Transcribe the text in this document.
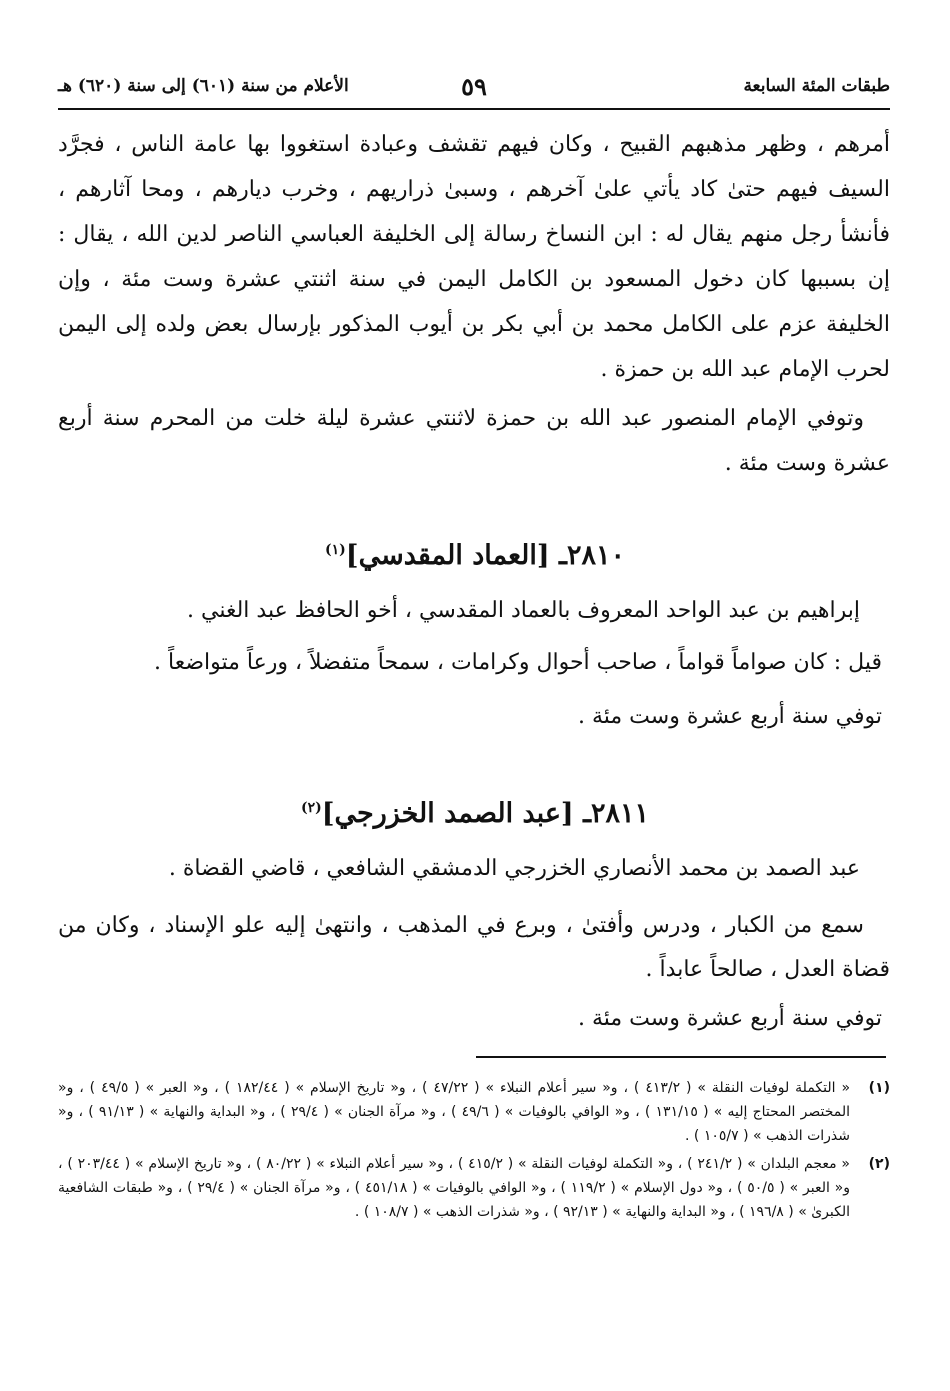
طبقات المئة السابعة
٥٩
الأعلام من سنة (٦٠١) إلى سنة (٦٢٠) هـ
أمرهم ، وظهر مذهبهم القبيح ، وكان فيهم تقشف وعبادة استغووا بها عامة الناس ، فجرَّد السيف فيهم حتىٰ كاد يأتي علىٰ آخرهم ، وسبىٰ ذراريهم ، وخرب ديارهم ، ومحا آثارهم ، فأنشأ رجل منهم يقال له : ابن النساخ رسالة إلى الخليفة العباسي الناصر لدين الله ، يقال : إن بسببها كان دخول المسعود بن الكامل اليمن في سنة اثنتي عشرة وست مئة ، وإن الخليفة عزم على الكامل محمد بن أبي بكر بن أيوب المذكور بإرسال بعض ولده إلى اليمن لحرب الإمام عبد الله بن حمزة .
وتوفي الإمام المنصور عبد الله بن حمزة لاثنتي عشرة ليلة خلت من المحرم سنة أربع عشرة وست مئة .
٢٨١٠ـ [العماد المقدسي]$^{(١)}$
إبراهيم بن عبد الواحد المعروف بالعماد المقدسي ، أخو الحافظ عبد الغني .
قيل : كان صواماً قواماً ، صاحب أحوال وكرامات ، سمحاً متفضلاً ، ورعاً متواضعاً .
توفي سنة أربع عشرة وست مئة .
٢٨١١ـ [عبد الصمد الخزرجي]$^{(٢)}$
عبد الصمد بن محمد الأنصاري الخزرجي الدمشقي الشافعي ، قاضي القضاة .
سمع من الكبار ، ودرس وأفتىٰ ، وبرع في المذهب ، وانتهىٰ إليه علو الإسناد ، وكان من قضاة العدل ، صالحاً عابداً .
توفي سنة أربع عشرة وست مئة .
(١)
« التكملة لوفيات النقلة » ( ٤١٣/٢ ) ، و« سير أعلام النبلاء » ( ٤٧/٢٢ ) ، و« تاريخ الإسلام » ( ١٨٢/٤٤ ) ، و« العبر » ( ٤٩/٥ ) ، و« المختصر المحتاج إليه » ( ١٣١/١٥ ) ، و« الوافي بالوفيات » ( ٤٩/٦ ) ، و« مرآة الجنان » ( ٢٩/٤ ) ، و« البداية والنهاية » ( ٩١/١٣ ) ، و« شذرات الذهب » ( ١٠٥/٧ ) .
(٢)
« معجم البلدان » ( ٢٤١/٢ ) ، و« التكملة لوفيات النقلة » ( ٤١٥/٢ ) ، و« سير أعلام النبلاء » ( ٨٠/٢٢ ) ، و« تاريخ الإسلام » ( ٢٠٣/٤٤ ) ، و« العبر » ( ٥٠/٥ ) ، و« دول الإسلام » ( ١١٩/٢ ) ، و« الوافي بالوفيات » ( ٤٥١/١٨ ) ، و« مرآة الجنان » ( ٢٩/٤ ) ، و« طبقات الشافعية الكبرىٰ » ( ١٩٦/٨ ) ، و« البداية والنهاية » ( ٩٢/١٣ ) ، و« شذرات الذهب » ( ١٠٨/٧ ) .
